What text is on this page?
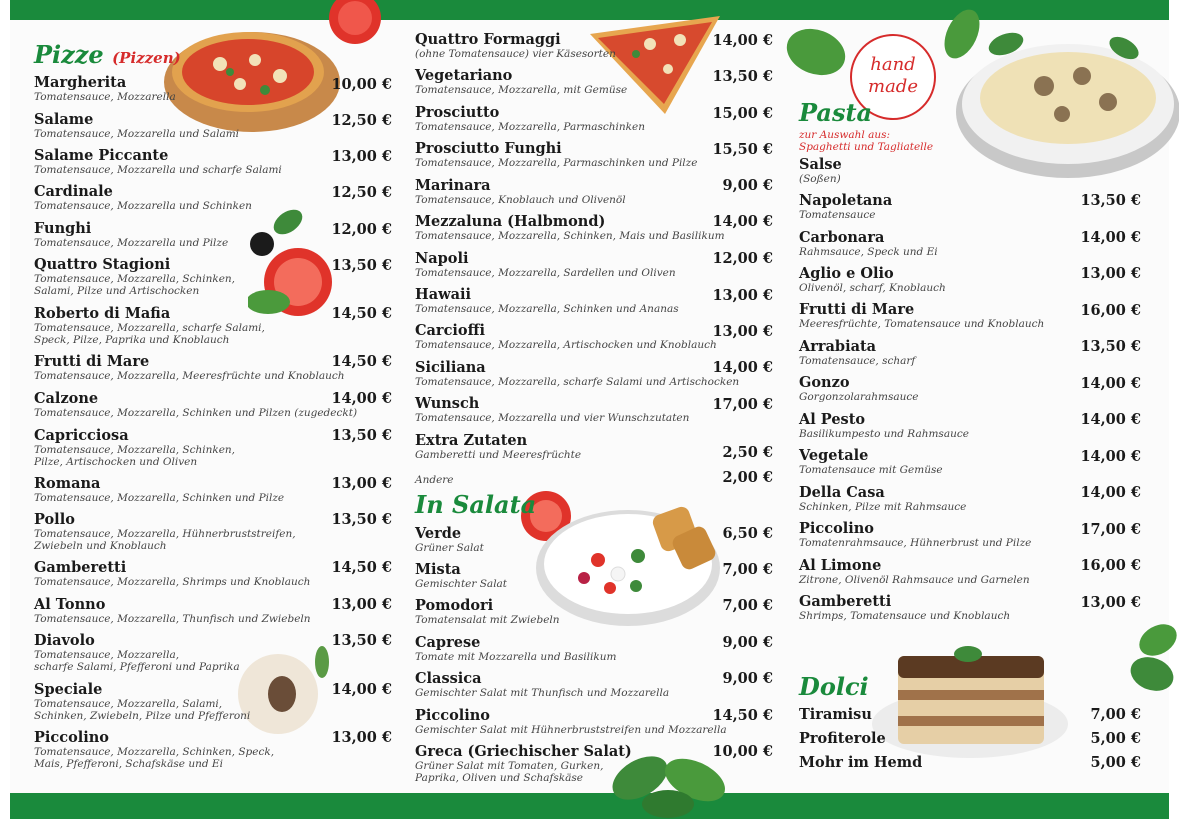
hand
made
Pizze (Pizzen)
In Salata
Pasta
zur Auswahl aus:
Spaghetti und Tagliatelle
Dolci
Margherita
Tomatensauce, Mozzarella
10,00 €
Salame
Tomatensauce, Mozzarella und Salami
12,50 €
Salame Piccante
Tomatensauce, Mozzarella und scharfe Salami
13,00 €
Cardinale
Tomatensauce, Mozzarella und Schinken
12,50 €
Funghi
Tomatensauce, Mozzarella und Pilze
12,00 €
Quattro Stagioni
Tomatensauce, Mozzarella, Schinken,
Salami, Pilze und Artischocken
13,50 €
Roberto di Mafia
Tomatensauce, Mozzarella, scharfe Salami,
Speck, Pilze, Paprika und Knoblauch
14,50 €
Frutti di Mare
Tomatensauce, Mozzarella, Meeresfrüchte und Knoblauch
14,50 €
Calzone
Tomatensauce, Mozzarella, Schinken und Pilzen (zugedeckt)
14,00 €
Capricciosa
Tomatensauce, Mozzarella, Schinken,
Pilze, Artischocken und Oliven
13,50 €
Romana
Tomatensauce, Mozzarella, Schinken und Pilze
13,00 €
Pollo
Tomatensauce, Mozzarella, Hühnerbruststreifen,
Zwiebeln und Knoblauch
13,50 €
Gamberetti
Tomatensauce, Mozzarella, Shrimps und Knoblauch
14,50 €
Al Tonno
Tomatensauce, Mozzarella, Thunfisch und Zwiebeln
13,00 €
Diavolo
Tomatensauce, Mozzarella,
scharfe Salami, Pfefferoni und Paprika
13,50 €
Speciale
Tomatensauce, Mozzarella, Salami,
Schinken, Zwiebeln, Pilze und Pfefferoni
14,00 €
Piccolino
Tomatensauce, Mozzarella, Schinken, Speck,
Mais, Pfefferoni, Schafskäse und Ei
13,00 €
Quattro Formaggi
(ohne Tomatensauce) vier Käsesorten
14,00 €
Vegetariano
Tomatensauce, Mozzarella, mit Gemüse
13,50 €
Prosciutto
Tomatensauce, Mozzarella, Parmaschinken
15,00 €
Prosciutto Funghi
Tomatensauce, Mozzarella, Parmaschinken und Pilze
15,50 €
Marinara
Tomatensauce, Knoblauch und Olivenöl
9,00 €
Mezzaluna (Halbmond)
Tomatensauce, Mozzarella, Schinken, Mais und Basilikum
14,00 €
Napoli
Tomatensauce, Mozzarella, Sardellen und Oliven
12,00 €
Hawaii
Tomatensauce, Mozzarella, Schinken und Ananas
13,00 €
Carcioffi
Tomatensauce, Mozzarella, Artischocken und Knoblauch
13,00 €
Siciliana
Tomatensauce, Mozzarella, scharfe Salami und Artischocken
14,00 €
Wunsch
Tomatensauce, Mozzarella und vier Wunschzutaten
17,00 €
Extra Zutaten
Gamberetti und Meeresfrüchte	2,50 €
Andere	2,00 €
Verde
Grüner Salat
6,50 €
Mista
Gemischter Salat
7,00 €
Pomodori
Tomatensalat mit Zwiebeln
7,00 €
Caprese
Tomate mit Mozzarella und Basilikum
9,00 €
Classica
Gemischter Salat mit Thunfisch und Mozzarella
9,00 €
Piccolino
Gemischter Salat mit Hühnerbruststreifen und Mozzarella
14,50 €
Greca (Griechischer Salat)
Grüner Salat mit Tomaten, Gurken,
Paprika, Oliven und Schafskäse
10,00 €
Salse
(Soßen)
Napoletana
Tomatensauce
13,50 €
Carbonara
Rahmsauce, Speck und Ei
14,00 €
Aglio e Olio
Olivenöl, scharf, Knoblauch
13,00 €
Frutti di Mare
Meeresfrüchte, Tomatensauce und Knoblauch
16,00 €
Arrabiata
Tomatensauce, scharf
13,50 €
Gonzo
Gorgonzolarahmsauce
14,00 €
Al Pesto
Basilikumpesto und Rahmsauce
14,00 €
Vegetale
Tomatensauce mit Gemüse
14,00 €
Della Casa
Schinken, Pilze mit Rahmsauce
14,00 €
Piccolino
Tomatenrahmsauce, Hühnerbrust und Pilze
17,00 €
Al Limone
Zitrone, Olivenöl Rahmsauce und Garnelen
16,00 €
Gamberetti
Shrimps, Tomatensauce und Knoblauch
13,00 €
Tiramisu	7,00 €
Profiterole	5,00 €
Mohr im Hemd	5,00 €
